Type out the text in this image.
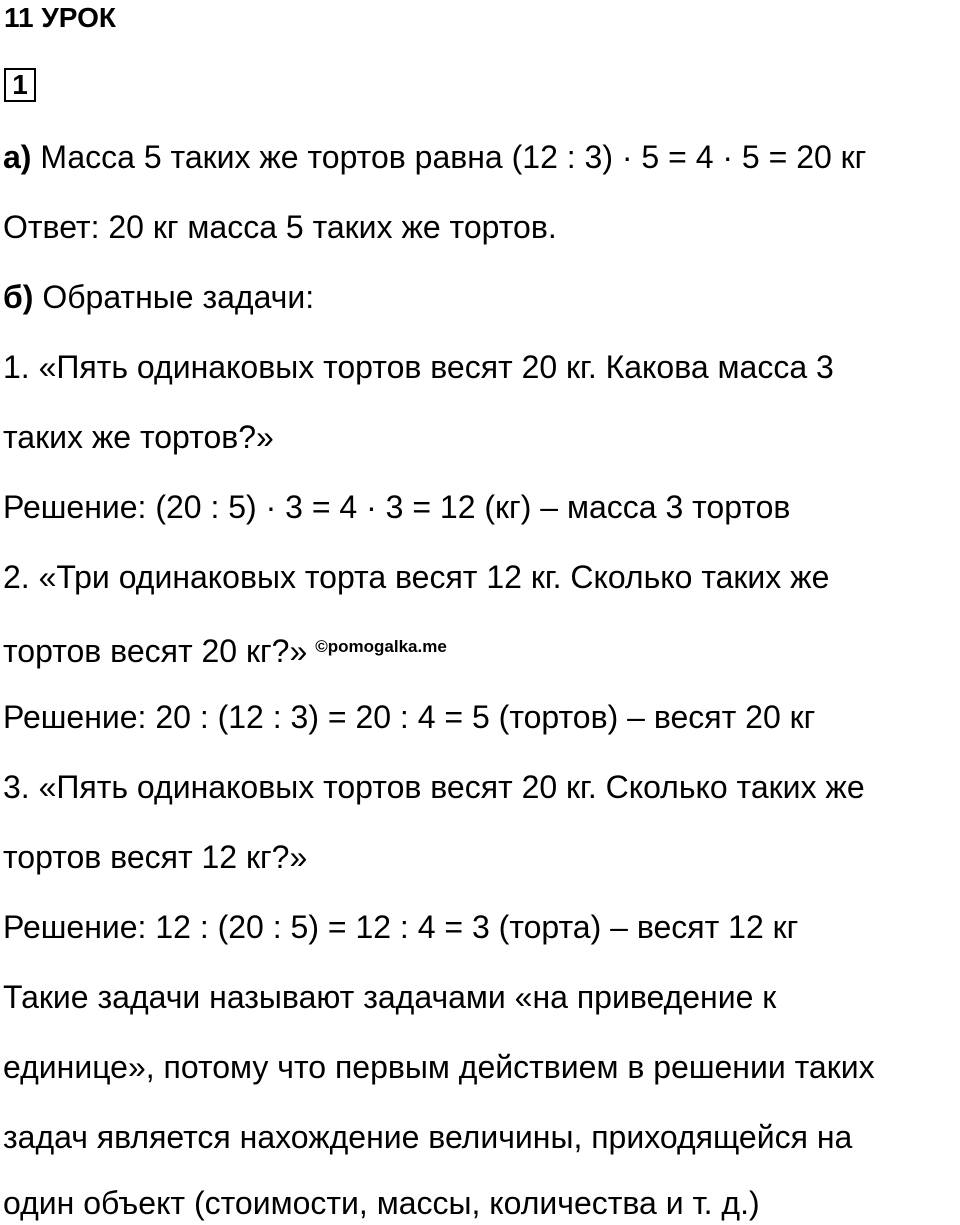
11 УРОК
1
а) Масса 5 таких же тортов равна (12 : 3) · 5 = 4 · 5 = 20 кг
Ответ: 20 кг масса 5 таких же тортов.
б) Обратные задачи:
1. «Пять одинаковых тортов весят 20 кг. Какова масса 3
таких же тортов?»
Решение: (20 : 5) · 3 = 4 · 3 = 12 (кг) – масса 3 тортов
2. «Три одинаковых торта весят 12 кг. Сколько таких же
тортов весят 20 кг?» $^{©pomogalka.me}$
Решение: 20 : (12 : 3) = 20 : 4 = 5 (тортов) – весят 20 кг
3. «Пять одинаковых тортов весят 20 кг. Сколько таких же
тортов весят 12 кг?»
Решение: 12 : (20 : 5) = 12 : 4 = 3 (торта) – весят 12 кг
Такие задачи называют задачами «на приведение к
единице», потому что первым действием в решении таких
задач является нахождение величины, приходящейся на
один объект (стоимости, массы, количества и т. д.)
